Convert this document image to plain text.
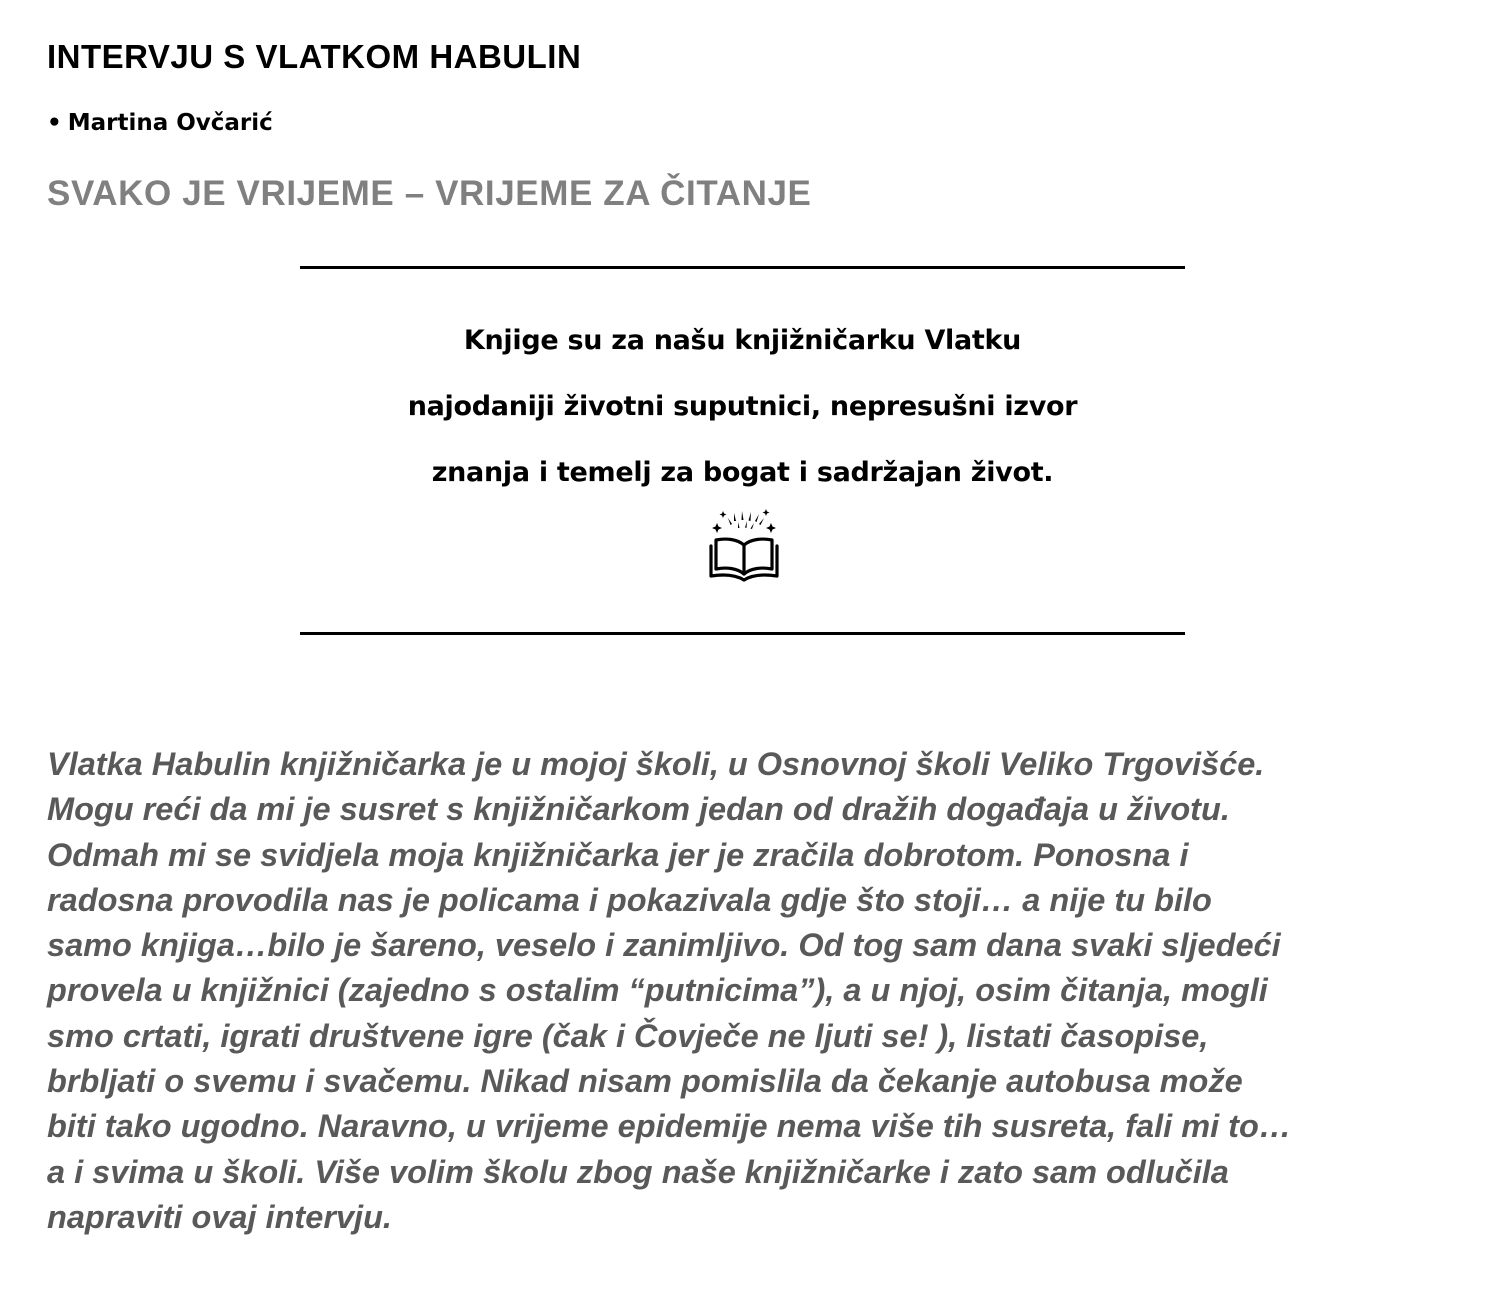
INTERVJU S VLATKOM HABULIN

• Martina Ovčarić

SVAKO JE VRIJEME – VRIJEME ZA ČITANJE
Knjige su za našu knjižničarku Vlatku
najodaniji životni suputnici, nepresušni izvor
znanja i temelj za bogat i sadržajan život.
Vlatka Habulin knjižničarka je u mojoj školi, u Osnovnoj školi Veliko Trgovišće.
Mogu reći da mi je susret s knjižničarkom jedan od dražih događaja u životu.
Odmah mi se svidjela moja knjižničarka jer je zračila dobrotom. Ponosna i
radosna provodila nas je policama i pokazivala gdje što stoji… a nije tu bilo
samo knjiga…bilo je šareno, veselo i zanimljivo. Od tog sam dana svaki sljedeći
provela u knjižnici (zajedno s ostalim “putnicima”), a u njoj, osim čitanja, mogli
smo crtati, igrati društvene igre (čak i Čovječe ne ljuti se! ), listati časopise,
brbljati o svemu i svačemu. Nikad nisam pomislila da čekanje autobusa može
biti tako ugodno. Naravno, u vrijeme epidemije nema više tih susreta, fali mi to…
a i svima u školi. Više volim školu zbog naše knjižničarke i zato sam odlučila
napraviti ovaj intervju.
